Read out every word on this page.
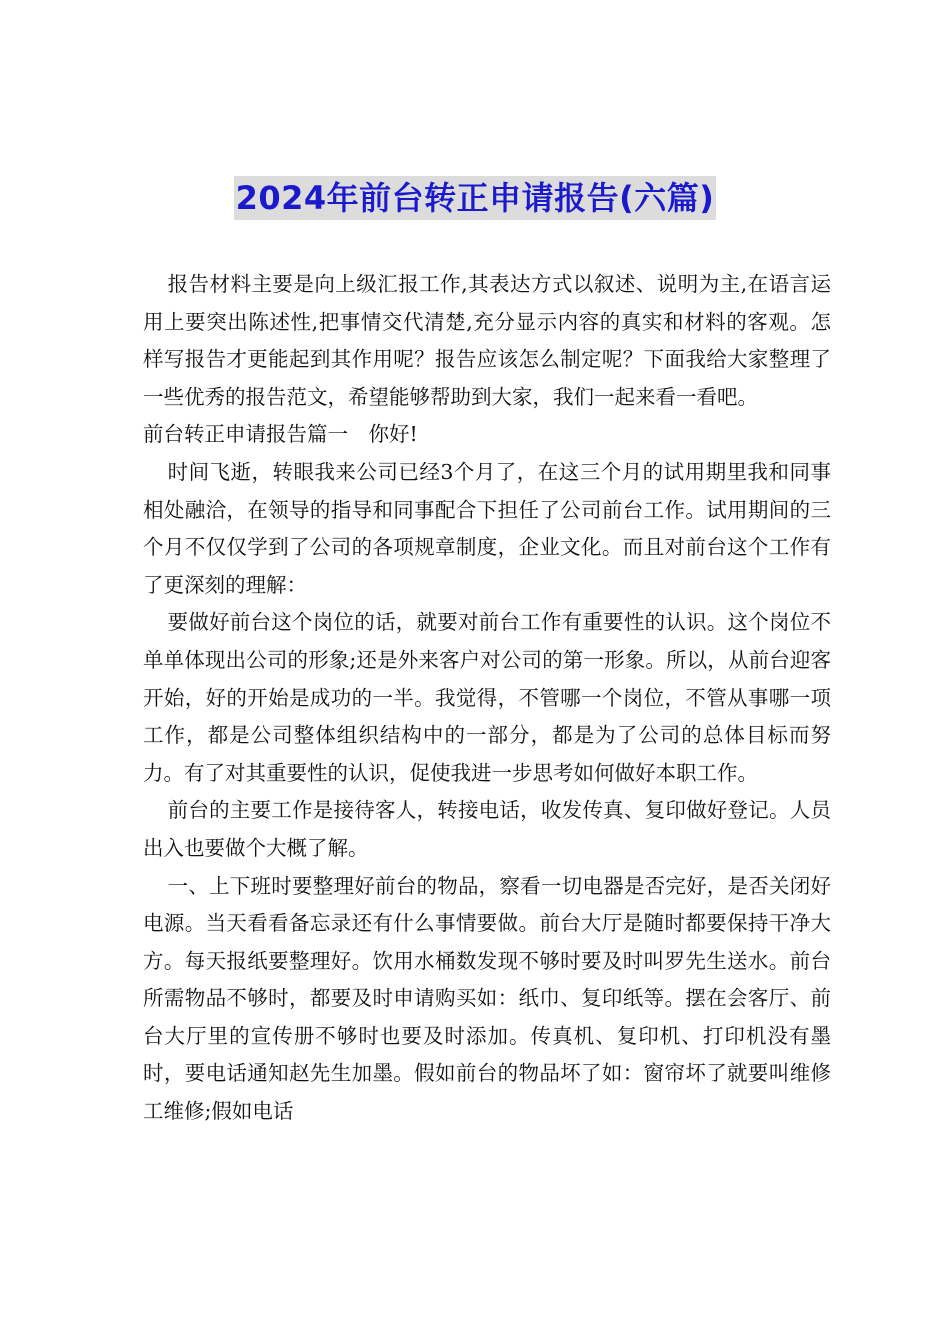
2024年前台转正申请报告(六篇)

报告材料主要是向上级汇报工作,其表达方式以叙述、说明为主,在语言运用上要突出陈述性,把事情交代清楚,充分显示内容的真实和材料的客观。怎样写报告才更能起到其作用呢？报告应该怎么制定呢？下面我给大家整理了一些优秀的报告范文，希望能够帮助到大家，我们一起来看一看吧。

前台转正申请报告篇一　你好!

时间飞逝，转眼我来公司已经3个月了，在这三个月的试用期里我和同事相处融洽，在领导的指导和同事配合下担任了公司前台工作。试用期间的三个月不仅仅学到了公司的各项规章制度，企业文化。而且对前台这个工作有了更深刻的理解：

要做好前台这个岗位的话，就要对前台工作有重要性的认识。这个岗位不单单体现出公司的形象;还是外来客户对公司的第一形象。所以，从前台迎客开始，好的开始是成功的一半。我觉得，不管哪一个岗位，不管从事哪一项工作，都是公司整体组织结构中的一部分，都是为了公司的总体目标而努力。有了对其重要性的认识，促使我进一步思考如何做好本职工作。

前台的主要工作是接待客人，转接电话，收发传真、复印做好登记。人员出入也要做个大概了解。

一、上下班时要整理好前台的物品，察看一切电器是否完好，是否关闭好电源。当天看看备忘录还有什么事情要做。前台大厅是随时都要保持干净大方。每天报纸要整理好。饮用水桶数发现不够时要及时叫罗先生送水。前台所需物品不够时，都要及时申请购买如：纸巾、复印纸等。摆在会客厅、前台大厅里的宣传册不够时也要及时添加。传真机、复印机、打印机没有墨时，要电话通知赵先生加墨。假如前台的物品坏了如：窗帘坏了就要叫维修工维修;假如电话
